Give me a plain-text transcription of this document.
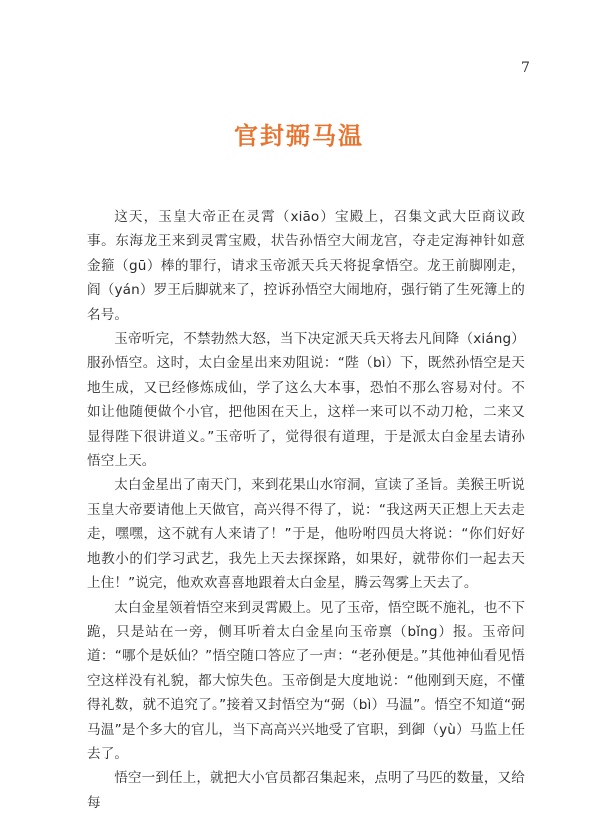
7
官封弼马温

这天，玉皇大帝正在灵霄（xiāo）宝殿上，召集文武大臣商议政事。东海龙王来到灵霄宝殿，状告孙悟空大闹龙宫，夺走定海神针如意金箍（gū）棒的罪行，请求玉帝派天兵天将捉拿悟空。龙王前脚刚走，阎（yán）罗王后脚就来了，控诉孙悟空大闹地府，强行销了生死簿上的名号。

玉帝听完，不禁勃然大怒，当下决定派天兵天将去凡间降（xiáng）服孙悟空。这时，太白金星出来劝阻说：“陛（bì）下，既然孙悟空是天地生成，又已经修炼成仙，学了这么大本事，恐怕不那么容易对付。不如让他随便做个小官，把他困在天上，这样一来可以不动刀枪，二来又显得陛下很讲道义。”玉帝听了，觉得很有道理，于是派太白金星去请孙悟空上天。

太白金星出了南天门，来到花果山水帘洞，宣读了圣旨。美猴王听说玉皇大帝要请他上天做官，高兴得不得了，说：“我这两天正想上天去走走，嘿嘿，这不就有人来请了！”于是，他吩咐四员大将说：“你们好好地教小的们学习武艺，我先上天去探探路，如果好，就带你们一起去天上住！”说完，他欢欢喜喜地跟着太白金星，腾云驾雾上天去了。

太白金星领着悟空来到灵霄殿上。见了玉帝，悟空既不施礼，也不下跪，只是站在一旁，侧耳听着太白金星向玉帝禀（bǐng）报。玉帝问道：“哪个是妖仙？”悟空随口答应了一声：“老孙便是。”其他神仙看见悟空这样没有礼貌，都大惊失色。玉帝倒是大度地说：“他刚到天庭，不懂得礼数，就不追究了。”接着又封悟空为“弼（bì）马温”。悟空不知道“弼马温”是个多大的官儿，当下高高兴兴地受了官职，到御（yù）马监上任去了。

悟空一到任上，就把大小官员都召集起来，点明了马匹的数量，又给每
